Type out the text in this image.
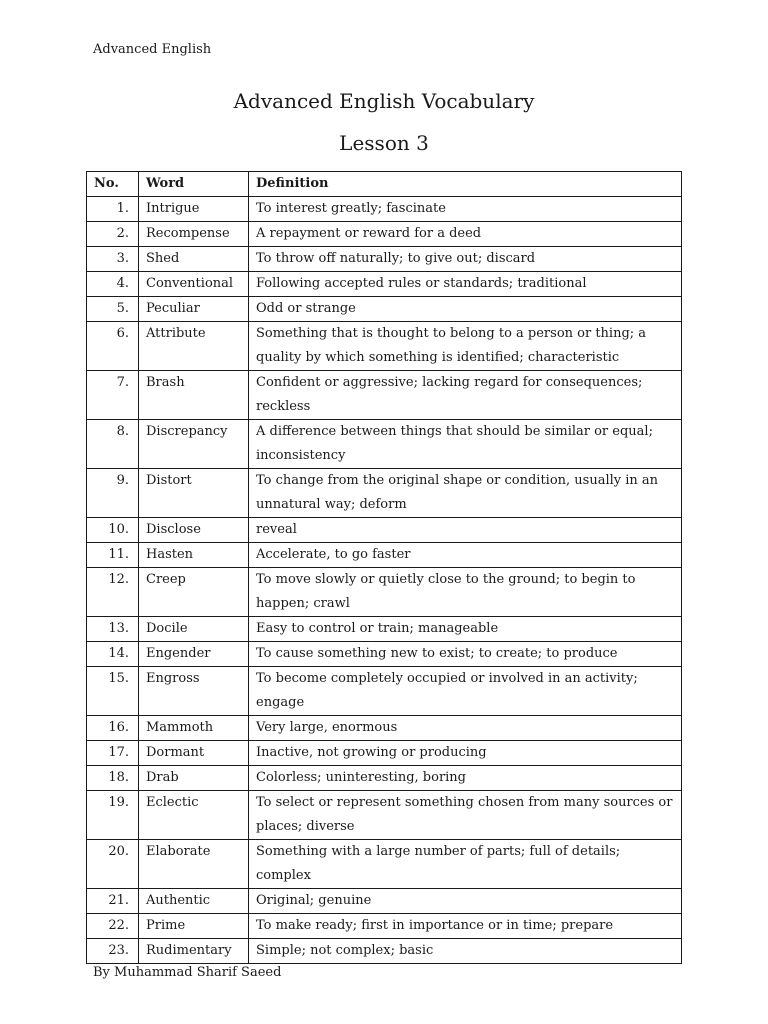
Advanced English
Advanced English Vocabulary
Lesson 3
No.	Word	Definition
1.	Intrigue	To interest greatly; fascinate
2.	Recompense	A repayment or reward for a deed
3.	Shed	To throw off naturally; to give out; discard
4.	Conventional	Following accepted rules or standards; traditional
5.	Peculiar	Odd or strange
6.	Attribute	Something that is thought to belong to a person or thing; a quality by which something is identified; characteristic
7.	Brash	Confident or aggressive; lacking regard for consequences; reckless
8.	Discrepancy	A difference between things that should be similar or equal; inconsistency
9.	Distort	To change from the original shape or condition, usually in an unnatural way; deform
10.	Disclose	reveal
11.	Hasten	Accelerate, to go faster
12.	Creep	To move slowly or quietly close to the ground; to begin to happen; crawl
13.	Docile	Easy to control or train; manageable
14.	Engender	To cause something new to exist; to create; to produce
15.	Engross	To become completely occupied or involved in an activity; engage
16.	Mammoth	Very large, enormous
17.	Dormant	Inactive, not growing or producing
18.	Drab	Colorless; uninteresting, boring
19.	Eclectic	To select or represent something chosen from many sources or places; diverse
20.	Elaborate	Something with a large number of parts; full of details; complex
21.	Authentic	Original; genuine
22.	Prime	To make ready; first in importance or in time; prepare
23.	Rudimentary	Simple; not complex; basic
By Muhammad Sharif Saeed
